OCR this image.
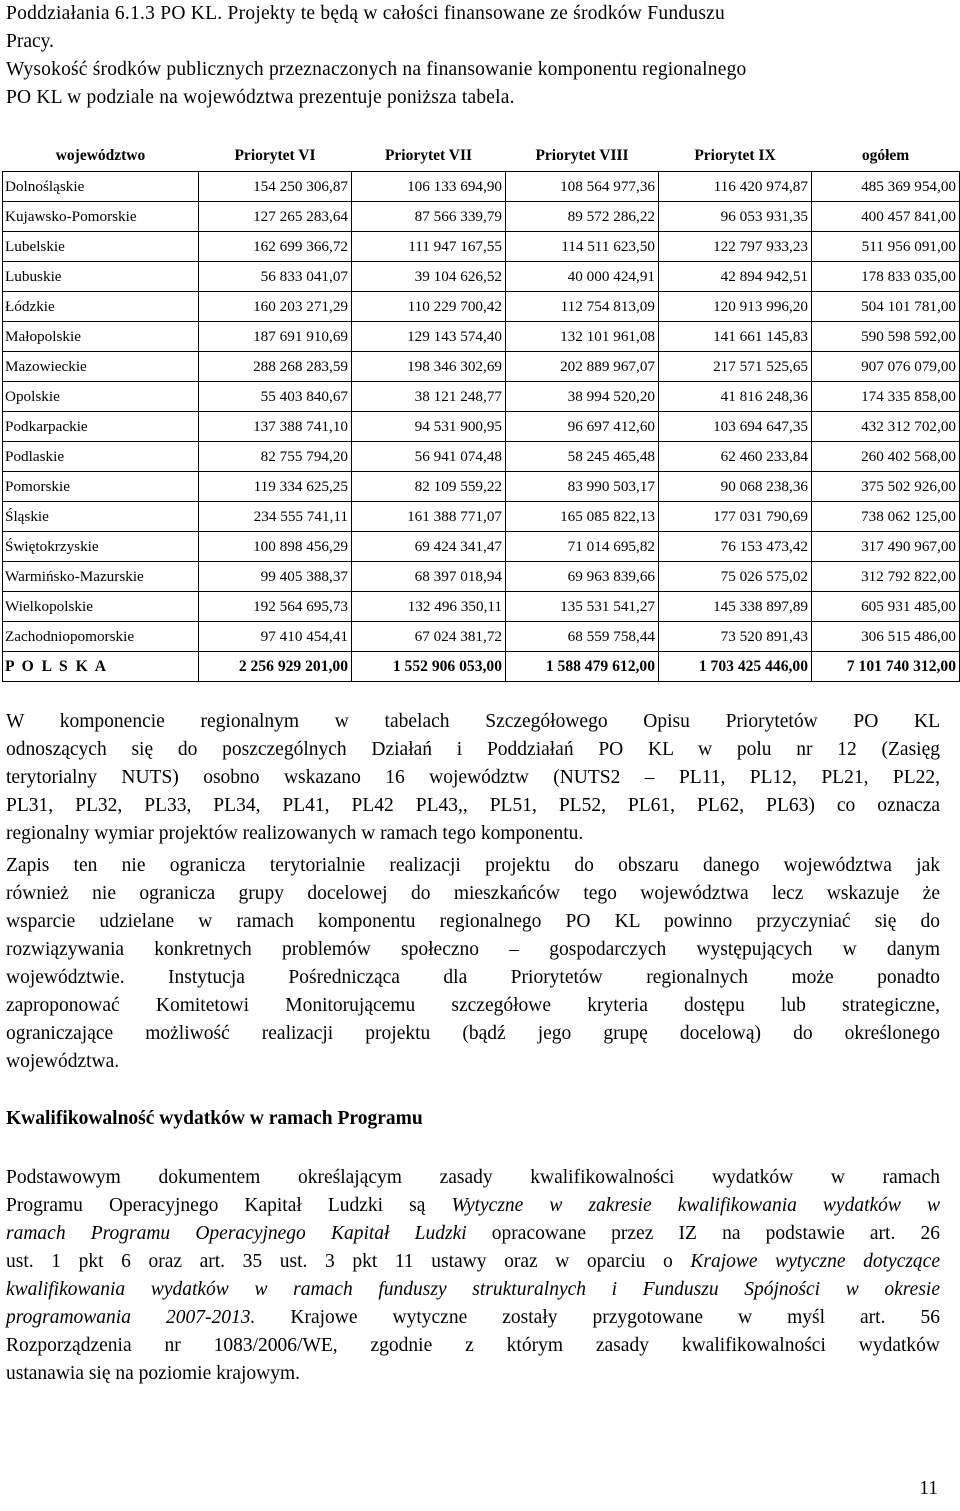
Poddziałania 6.1.3 PO KL. Projekty te będą w całości finansowane ze środków Funduszu
Pracy.
Wysokość środków publicznych przeznaczonych na finansowanie komponentu regionalnego
PO KL w podziale na województwa prezentuje poniższa tabela.
województwo	Priorytet VI	Priorytet VII	Priorytet VIII	Priorytet IX	ogółem
Dolnośląskie	154 250 306,87	106 133 694,90	108 564 977,36	116 420 974,87	485 369 954,00
Kujawsko-Pomorskie	127 265 283,64	87 566 339,79	89 572 286,22	96 053 931,35	400 457 841,00
Lubelskie	162 699 366,72	111 947 167,55	114 511 623,50	122 797 933,23	511 956 091,00
Lubuskie	56 833 041,07	39 104 626,52	40 000 424,91	42 894 942,51	178 833 035,00
Łódzkie	160 203 271,29	110 229 700,42	112 754 813,09	120 913 996,20	504 101 781,00
Małopolskie	187 691 910,69	129 143 574,40	132 101 961,08	141 661 145,83	590 598 592,00
Mazowieckie	288 268 283,59	198 346 302,69	202 889 967,07	217 571 525,65	907 076 079,00
Opolskie	55 403 840,67	38 121 248,77	38 994 520,20	41 816 248,36	174 335 858,00
Podkarpackie	137 388 741,10	94 531 900,95	96 697 412,60	103 694 647,35	432 312 702,00
Podlaskie	82 755 794,20	56 941 074,48	58 245 465,48	62 460 233,84	260 402 568,00
Pomorskie	119 334 625,25	82 109 559,22	83 990 503,17	90 068 238,36	375 502 926,00
Śląskie	234 555 741,11	161 388 771,07	165 085 822,13	177 031 790,69	738 062 125,00
Świętokrzyskie	100 898 456,29	69 424 341,47	71 014 695,82	76 153 473,42	317 490 967,00
Warmińsko-Mazurskie	99 405 388,37	68 397 018,94	69 963 839,66	75 026 575,02	312 792 822,00
Wielkopolskie	192 564 695,73	132 496 350,11	135 531 541,27	145 338 897,89	605 931 485,00
Zachodniopomorskie	97 410 454,41	67 024 381,72	68 559 758,44	73 520 891,43	306 515 486,00
P O L S K A	2 256 929 201,00	1 552 906 053,00	1 588 479 612,00	1 703 425 446,00	7 101 740 312,00
W komponencie regionalnym w tabelach Szczegółowego Opisu Priorytetów PO KL
odnoszących się do poszczególnych Działań i Poddziałań PO KL w polu nr 12 (Zasięg
terytorialny NUTS) osobno wskazano 16 województw (NUTS2 – PL11, PL12, PL21, PL22,
PL31, PL32, PL33, PL34, PL41, PL42 PL43,, PL51, PL52, PL61, PL62, PL63) co oznacza
regionalny wymiar projektów realizowanych w ramach tego komponentu.
Zapis ten nie ogranicza terytorialnie realizacji projektu do obszaru danego województwa jak
również nie ogranicza grupy docelowej do mieszkańców tego województwa lecz wskazuje że
wsparcie udzielane w ramach komponentu regionalnego PO KL powinno przyczyniać się do
rozwiązywania konkretnych problemów społeczno – gospodarczych występujących w danym
województwie. Instytucja Pośrednicząca dla Priorytetów regionalnych może ponadto
zaproponować Komitetowi Monitorującemu szczegółowe kryteria dostępu lub strategiczne,
ograniczające możliwość realizacji projektu (bądź jego grupę docelową) do określonego
województwa.

Kwalifikowalność wydatków w ramach Programu

Podstawowym dokumentem określającym zasady kwalifikowalności wydatków w ramach
Programu Operacyjnego Kapitał Ludzki są Wytyczne w zakresie kwalifikowania wydatków w
ramach Programu Operacyjnego Kapitał Ludzki opracowane przez IZ na podstawie art. 26
ust. 1 pkt 6 oraz art. 35 ust. 3 pkt 11 ustawy oraz w oparciu o Krajowe wytyczne dotyczące
kwalifikowania wydatków w ramach funduszy strukturalnych i Funduszu Spójności w okresie
programowania 2007-2013. Krajowe wytyczne zostały przygotowane w myśl art. 56
Rozporządzenia nr 1083/2006/WE, zgodnie z którym zasady kwalifikowalności wydatków
ustanawia się na poziomie krajowym.

11
